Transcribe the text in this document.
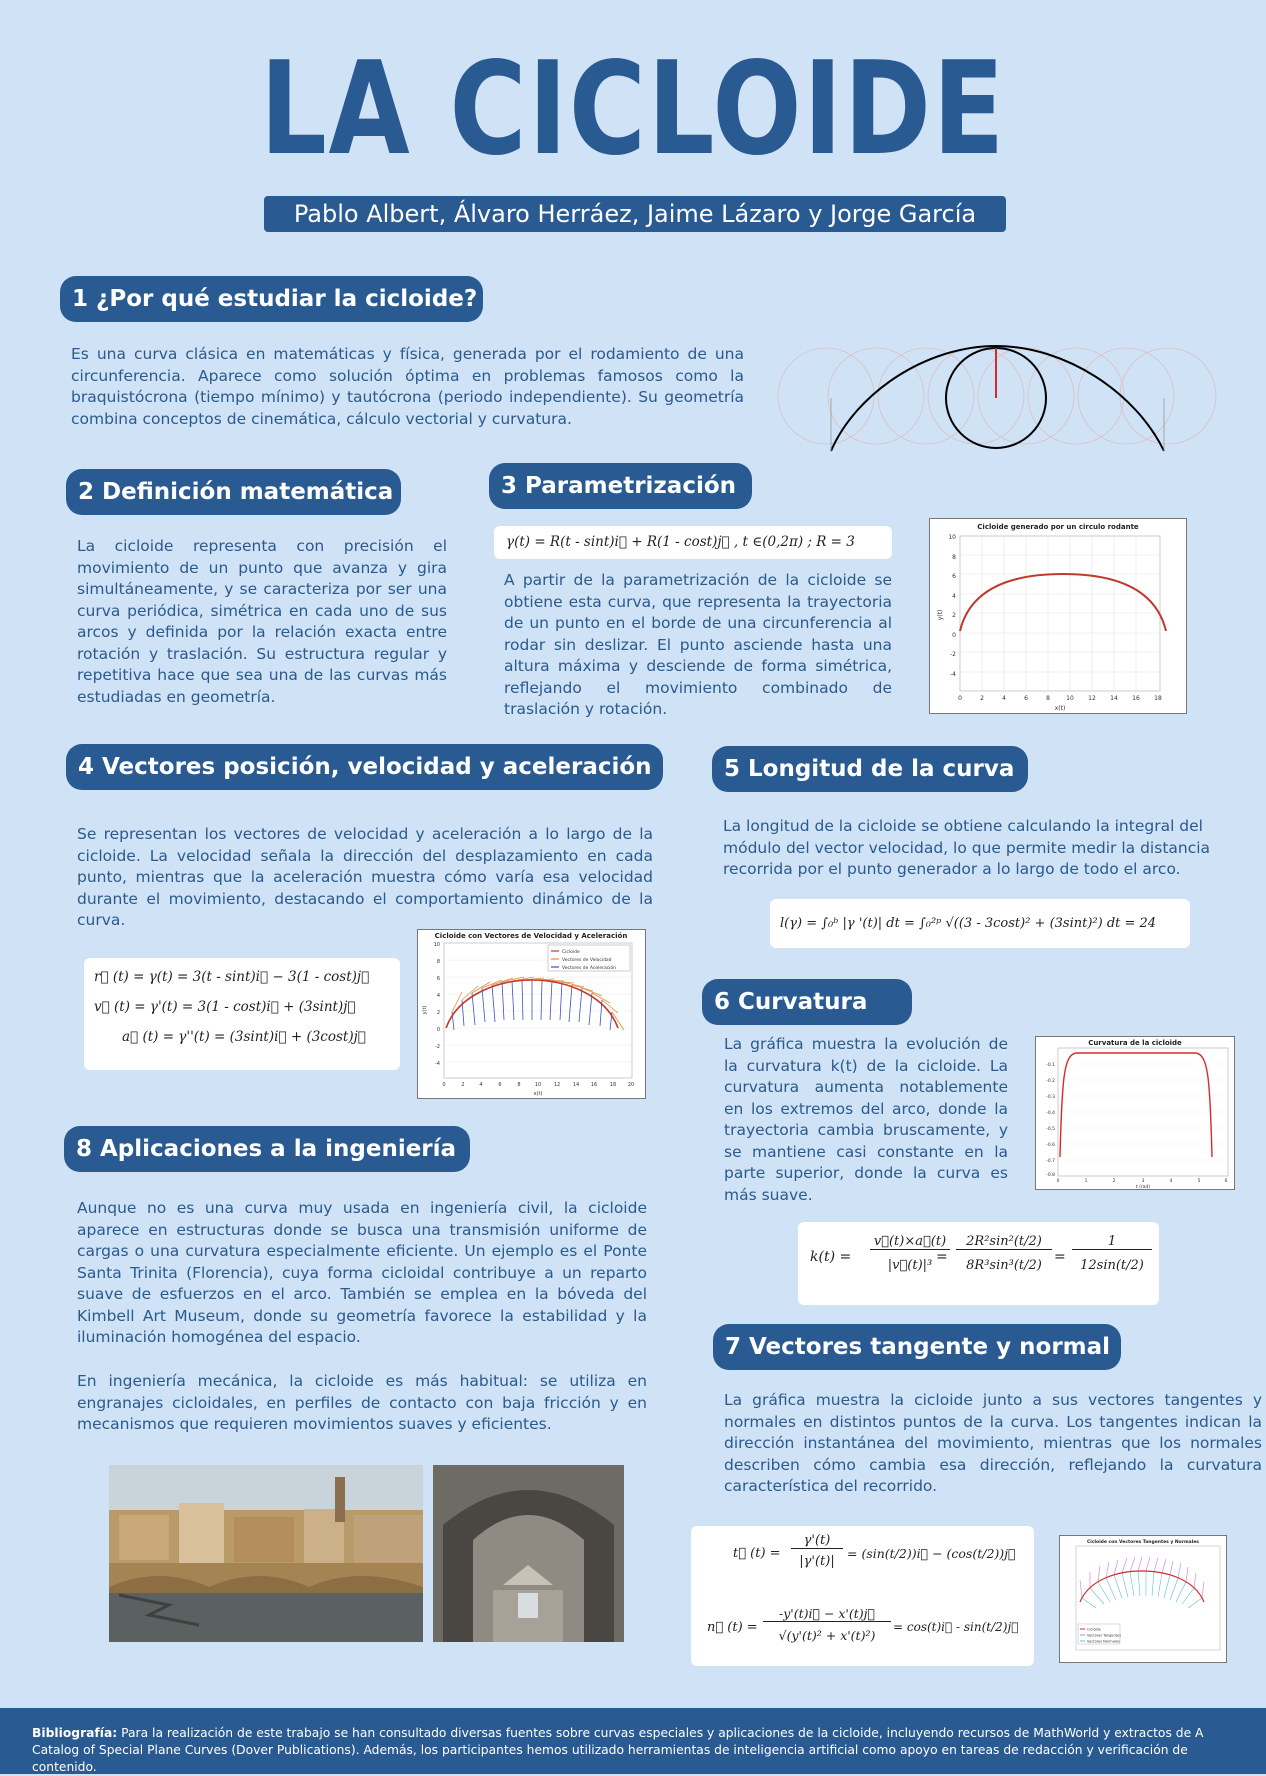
LA CICLOIDE
Pablo Albert, Álvaro Herráez, Jaime Lázaro y Jorge García
1 ¿Por qué estudiar la cicloide?
Es una curva clásica en matemáticas y física, generada por el rodamiento de una circunferencia. Aparece como solución óptima en problemas famosos como la braquistócrona (tiempo mínimo) y tautócrona (periodo independiente). Su geometría combina conceptos de cinemática, cálculo vectorial y curvatura.
2 Definición matemática
La cicloide representa con precisión el movimiento de un punto que avanza y gira simultáneamente, y se caracteriza por ser una curva periódica, simétrica en cada uno de sus arcos y definida por la relación exacta entre rotación y traslación. Su estructura regular y repetitiva hace que sea una de las curvas más estudiadas en geometría.
3 Parametrización
γ(t) = R(t - sint)i⃗ + R(1 - cost)j⃗ , t ∈(0,2π) ; R = 3
A partir de la parametrización de la cicloide se obtiene esta curva, que representa la trayectoria de un punto en el borde de una circunferencia al rodar sin deslizar. El punto asciende hasta una altura máxima y desciende de forma simétrica, reflejando el movimiento combinado de traslación y rotación.
Cicloide generado por un circulo rodante
0	2	4	6	8	10 12 14 16 18
10
8
6
4
2
0
-2
-4
x(t)
y(t)
4 Vectores posición, velocidad y aceleración
Se representan los vectores de velocidad y aceleración a lo largo de la cicloide. La velocidad señala la dirección del desplazamiento en cada punto, mientras que la aceleración muestra cómo varía esa velocidad durante el movimiento, destacando el comportamiento dinámico de la curva.
r⃗ (t) = γ(t) = 3(t - sint)i⃗ − 3(1 - cost)j⃗
v⃗ (t) = γ'(t) = 3(1 - cost)i⃗ + (3sint)j⃗
a⃗ (t) = γ''(t) = (3sint)i⃗ + (3cost)j⃗
Cicloide con Vectores de Velocidad y Aceleración
Cicloide
Vectores de Velocidad
Vectores de Aceleración
0	2	4	6	8	10	12	14 16	18 20
10
8
6
4
2
0
-2
-4
x(t)
y(t)
5 Longitud de la curva
La longitud de la cicloide se obtiene calculando la integral del módulo del vector velocidad, lo que permite medir la distancia recorrida por el punto generador a lo largo de todo el arco.
l(γ) = ∫₀ᵇ |γ '(t)| dt = ∫₀²ᵖ √((3 - 3cost)² + (3sint)²) dt = 24
6 Curvatura
La gráfica muestra la evolución de la curvatura k(t) de la cicloide. La curvatura aumenta notablemente en los extremos del arco, donde la trayectoria cambia bruscamente, y se mantiene casi constante en la parte superior, donde la curva es más suave.
Curvatura de la cicloide
-0.1
-0.2
-0.3
-0.4
-0.5
-0.6
-0.7
-0.8
0	1	2	3	4	5	6
t (rad)
k(t) =
v⃗(t)×a⃗(t)
|v⃗(t)|³
=
2R²sin²(t/2)
8R³sin³(t/2)
=
1
12sin(t/2)
7 Vectores tangente y normal
La gráfica muestra la cicloide junto a sus vectores tangentes y normales en distintos puntos de la curva. Los tangentes indican la dirección instantánea del movimiento, mientras que los normales describen cómo cambia esa dirección, reflejando la curvatura característica del recorrido.
t⃗ (t) =
γ'(t)
|γ'(t)|
= (sin(t/2))i⃗ − (cos(t/2))j⃗
n⃗ (t) =
-y'(t)i⃗ − x'(t)j⃗
√(y'(t)² + x'(t)²)
= cos(t)i⃗ - sin(t/2)j⃗
Cicloide con Vectores Tangentes y Normales
Cicloide
Vectores Tangentes
Vectores Normales
8 Aplicaciones a la ingeniería
Aunque no es una curva muy usada en ingeniería civil, la cicloide aparece en estructuras donde se busca una transmisión uniforme de cargas o una curvatura especialmente eficiente. Un ejemplo es el Ponte Santa Trinita (Florencia), cuya forma cicloidal contribuye a un reparto suave de esfuerzos en el arco. También se emplea en la bóveda del Kimbell Art Museum, donde su geometría favorece la estabilidad y la iluminación homogénea del espacio.
En ingeniería mecánica, la cicloide es más habitual: se utiliza en engranajes cicloidales, en perfiles de contacto con baja fricción y en mecanismos que requieren movimientos suaves y eficientes.
Bibliografía: Para la realización de este trabajo se han consultado diversas fuentes sobre curvas especiales y aplicaciones de la cicloide, incluyendo recursos de MathWorld y extractos de A Catalog of Special Plane Curves (Dover Publications). Además, los participantes hemos utilizado herramientas de inteligencia artificial como apoyo en tareas de redacción y verificación de contenido.
